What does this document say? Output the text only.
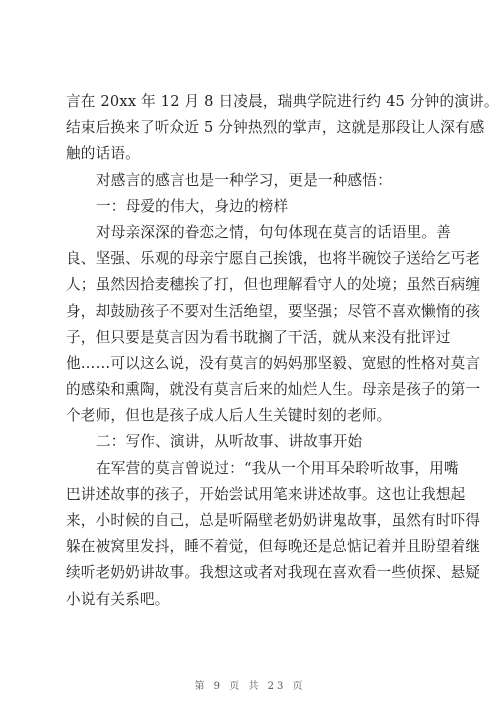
言在 20xx 年 12 月 8 日凌晨，瑞典学院进行约 45 分钟的演讲。
结束后换来了听众近 5 分钟热烈的掌声，这就是那段让人深有感
触的话语。
对感言的感言也是一种学习，更是一种感悟：
一：母爱的伟大，身边的榜样
对母亲深深的眷恋之情，句句体现在莫言的话语里。善
良、坚强、乐观的母亲宁愿自己挨饿，也将半碗饺子送给乞丐老
人；虽然因拾麦穗挨了打，但也理解看守人的处境；虽然百病缠
身，却鼓励孩子不要对生活绝望，要坚强；尽管不喜欢懒惰的孩
子，但只要是莫言因为看书耽搁了干活，就从来没有批评过
他……可以这么说，没有莫言的妈妈那坚毅、宽慰的性格对莫言
的感染和熏陶，就没有莫言后来的灿烂人生。母亲是孩子的第一
个老师，但也是孩子成人后人生关键时刻的老师。
二：写作、演讲，从听故事、讲故事开始
在军营的莫言曾说过：“我从一个用耳朵聆听故事，用嘴
巴讲述故事的孩子，开始尝试用笔来讲述故事。这也让我想起
来，小时候的自己，总是听隔壁老奶奶讲鬼故事，虽然有时吓得
躲在被窝里发抖，睡不着觉，但每晚还是总惦记着并且盼望着继
续听老奶奶讲故事。我想这或者对我现在喜欢看一些侦探、悬疑
小说有关系吧。
第 9 页 共 23 页
